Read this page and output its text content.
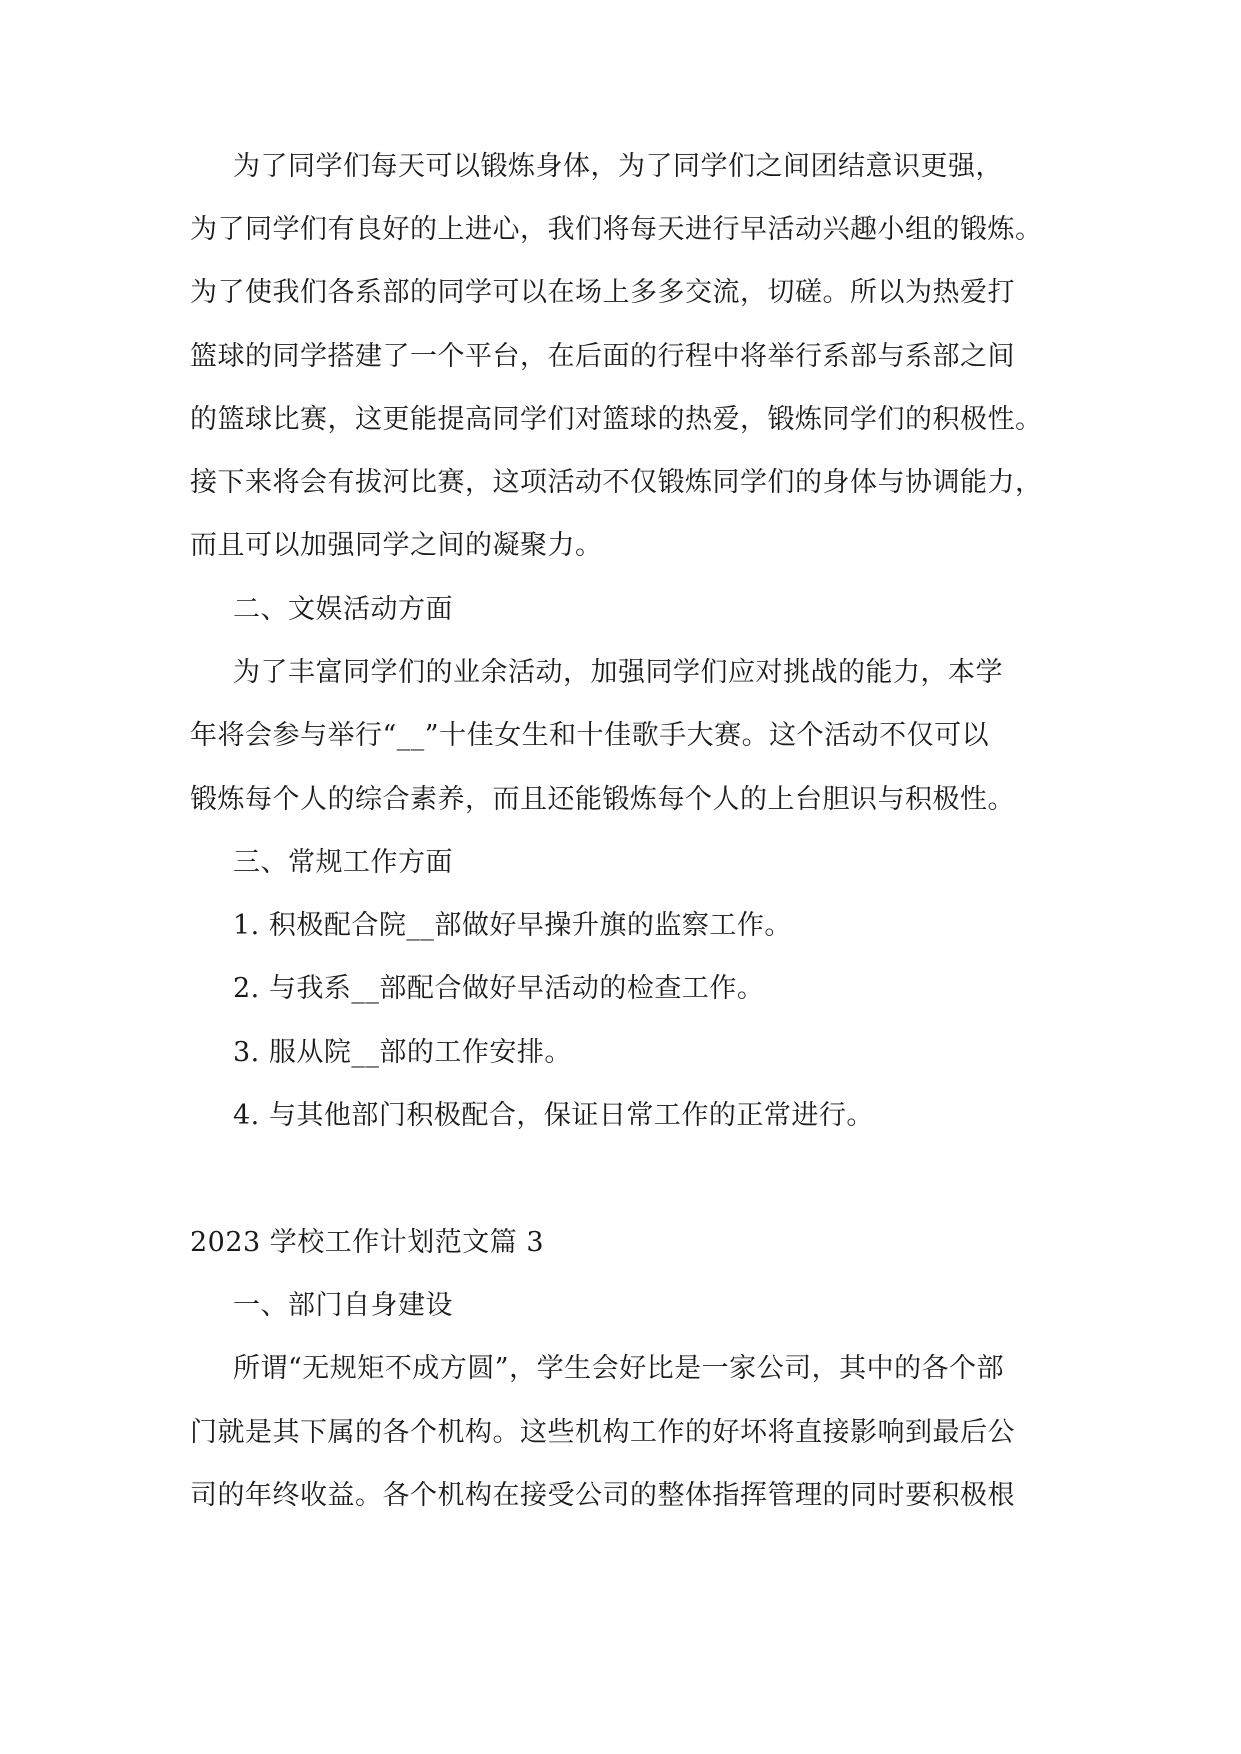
为了同学们每天可以锻炼身体，为了同学们之间团结意识更强，
为了同学们有良好的上进心，我们将每天进行早活动兴趣小组的锻炼。
为了使我们各系部的同学可以在场上多多交流，切磋。所以为热爱打
篮球的同学搭建了一个平台，在后面的行程中将举行系部与系部之间
的篮球比赛，这更能提高同学们对篮球的热爱，锻炼同学们的积极性。
接下来将会有拔河比赛，这项活动不仅锻炼同学们的身体与协调能力，
而且可以加强同学之间的凝聚力。
二、文娱活动方面
为了丰富同学们的业余活动，加强同学们应对挑战的能力，本学
年将会参与举行“__”十佳女生和十佳歌手大赛。这个活动不仅可以
锻炼每个人的综合素养，而且还能锻炼每个人的上台胆识与积极性。
三、常规工作方面
1. 积极配合院__部做好早操升旗的监察工作。
2. 与我系__部配合做好早活动的检查工作。
3. 服从院__部的工作安排。
4. 与其他部门积极配合，保证日常工作的正常进行。
2023 学校工作计划范文篇 3
一、部门自身建设
所谓“无规矩不成方圆”，学生会好比是一家公司，其中的各个部
门就是其下属的各个机构。这些机构工作的好坏将直接影响到最后公
司的年终收益。各个机构在接受公司的整体指挥管理的同时要积极根
